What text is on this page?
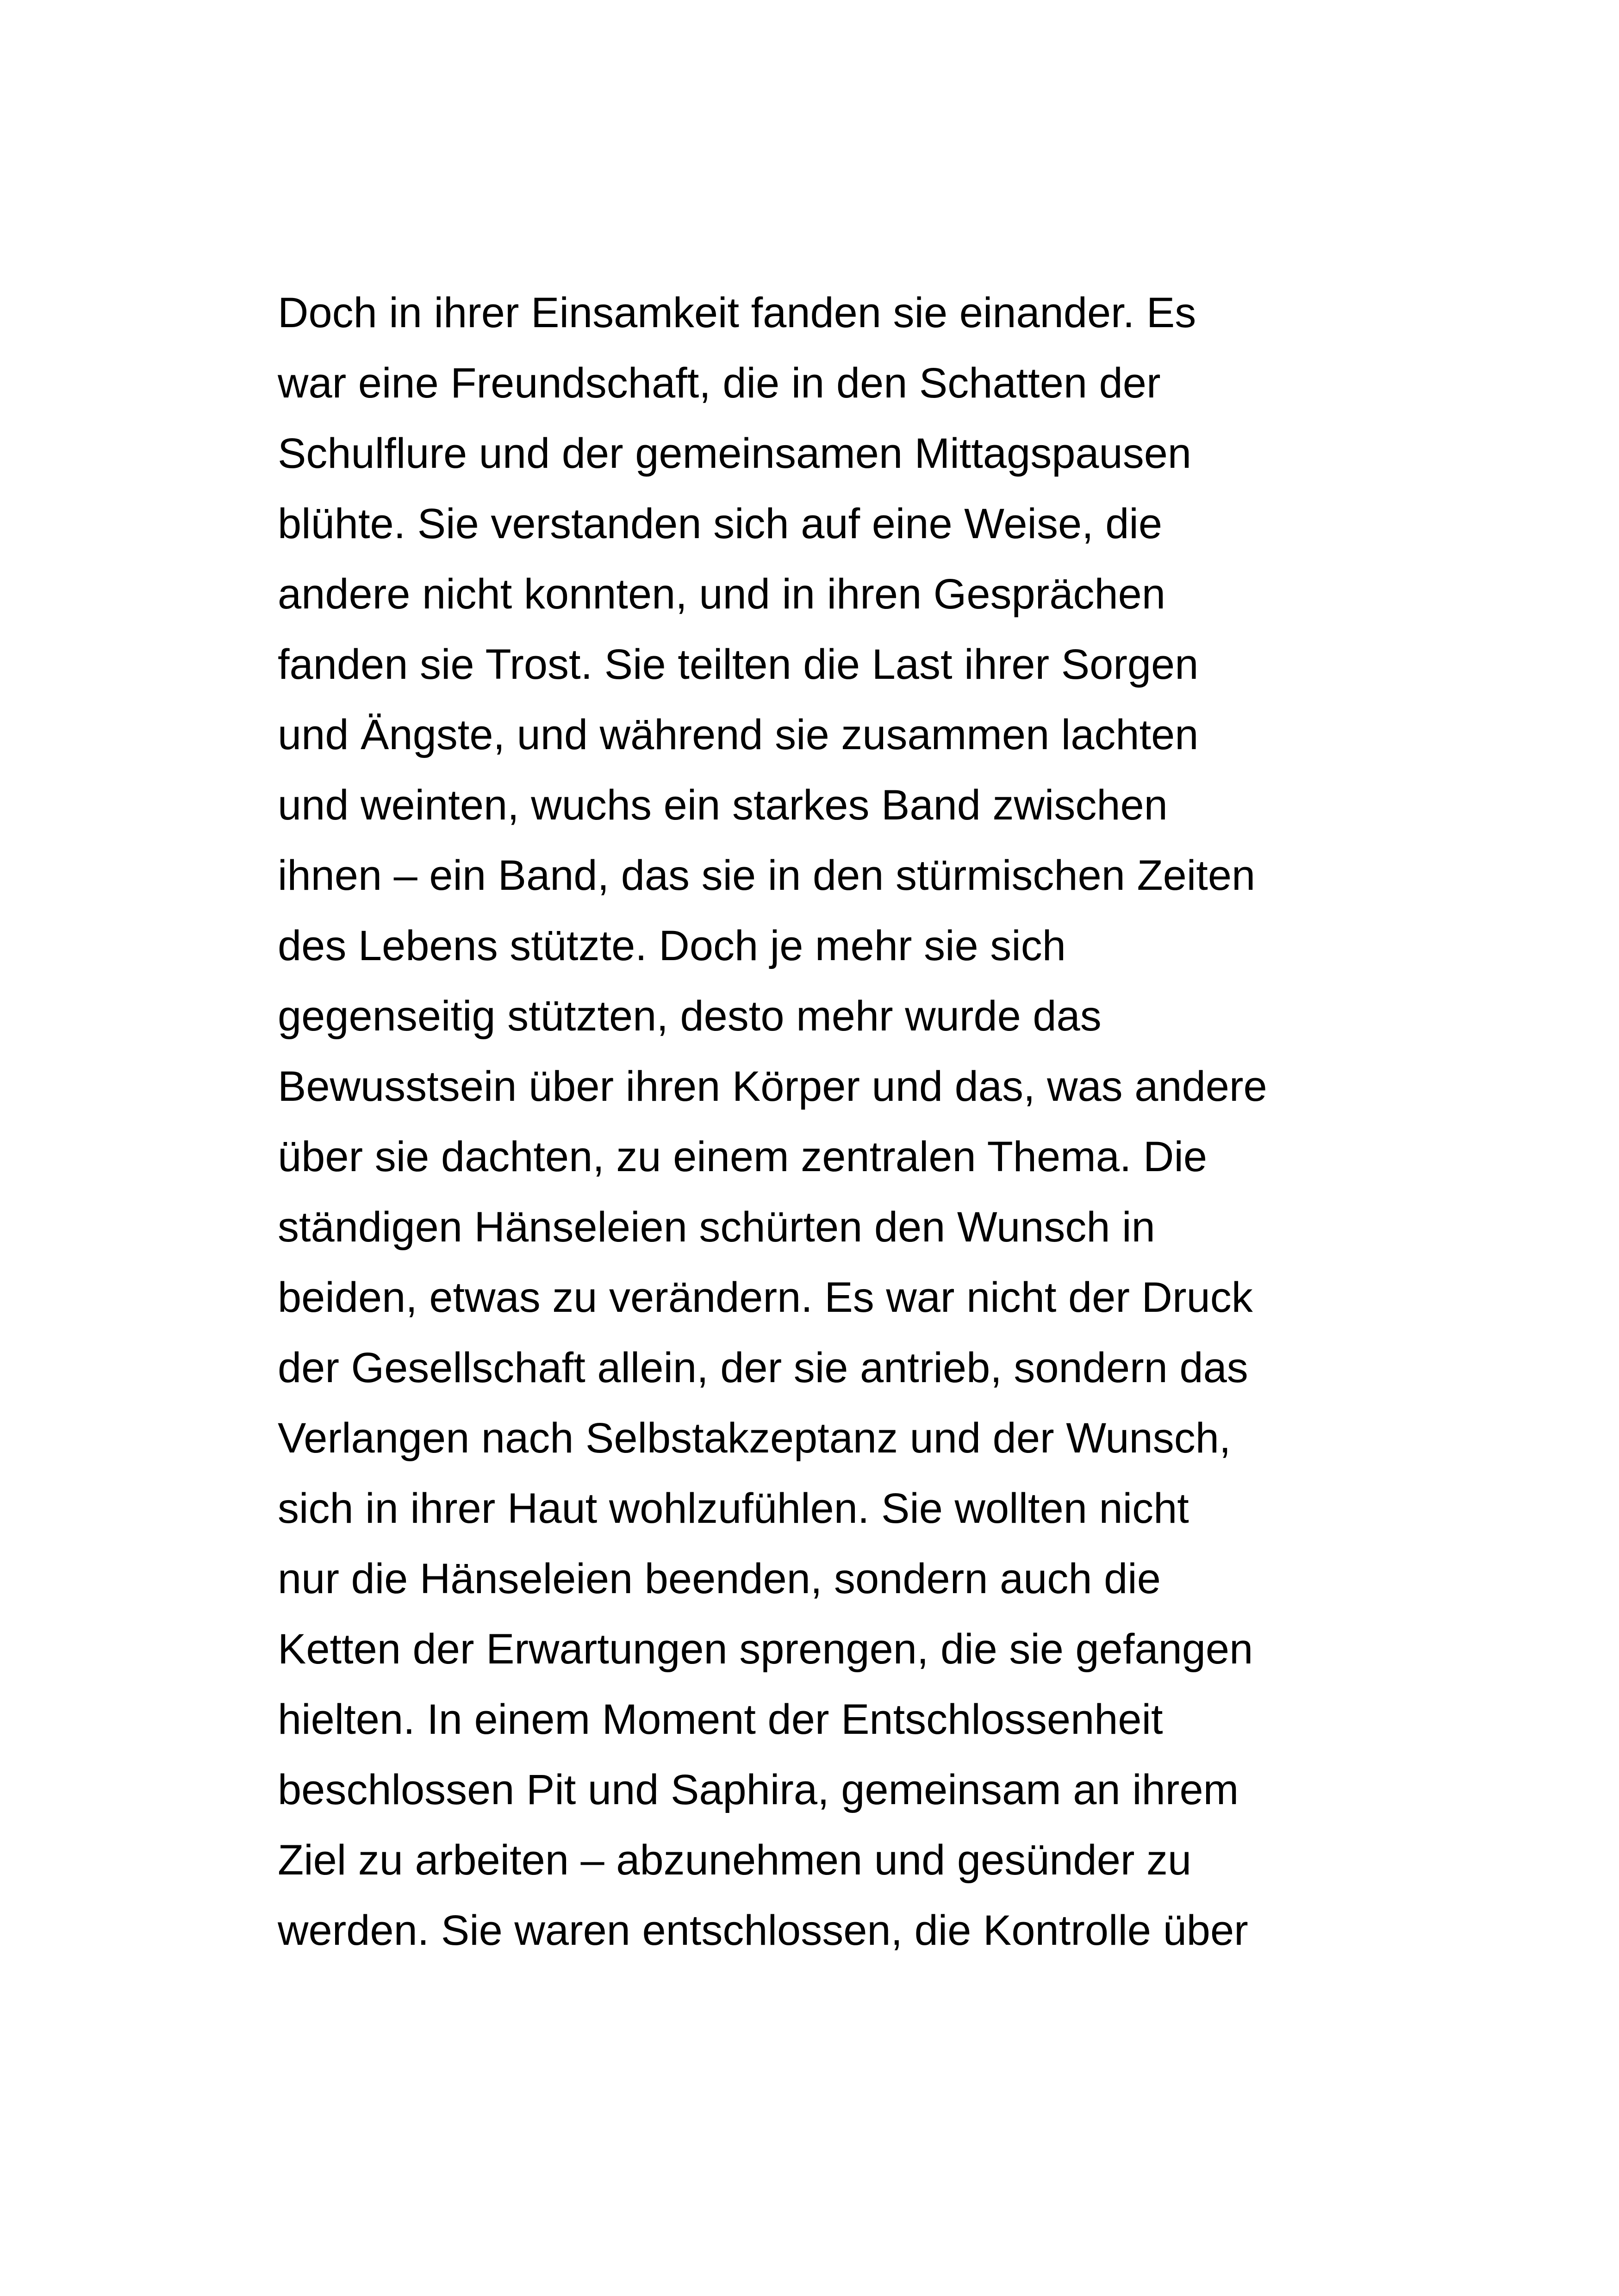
Doch in ihrer Einsamkeit fanden sie einander. Es
war eine Freundschaft, die in den Schatten der
Schulflure und der gemeinsamen Mittagspausen
blühte. Sie verstanden sich auf eine Weise, die
andere nicht konnten, und in ihren Gesprächen
fanden sie Trost. Sie teilten die Last ihrer Sorgen
und Ängste, und während sie zusammen lachten
und weinten, wuchs ein starkes Band zwischen
ihnen – ein Band, das sie in den stürmischen Zeiten
des Lebens stützte. Doch je mehr sie sich
gegenseitig stützten, desto mehr wurde das
Bewusstsein über ihren Körper und das, was andere
über sie dachten, zu einem zentralen Thema. Die
ständigen Hänseleien schürten den Wunsch in
beiden, etwas zu verändern. Es war nicht der Druck
der Gesellschaft allein, der sie antrieb, sondern das
Verlangen nach Selbstakzeptanz und der Wunsch,
sich in ihrer Haut wohlzufühlen. Sie wollten nicht
nur die Hänseleien beenden, sondern auch die
Ketten der Erwartungen sprengen, die sie gefangen
hielten. In einem Moment der Entschlossenheit
beschlossen Pit und Saphira, gemeinsam an ihrem
Ziel zu arbeiten – abzunehmen und gesünder zu
werden. Sie waren entschlossen, die Kontrolle über
